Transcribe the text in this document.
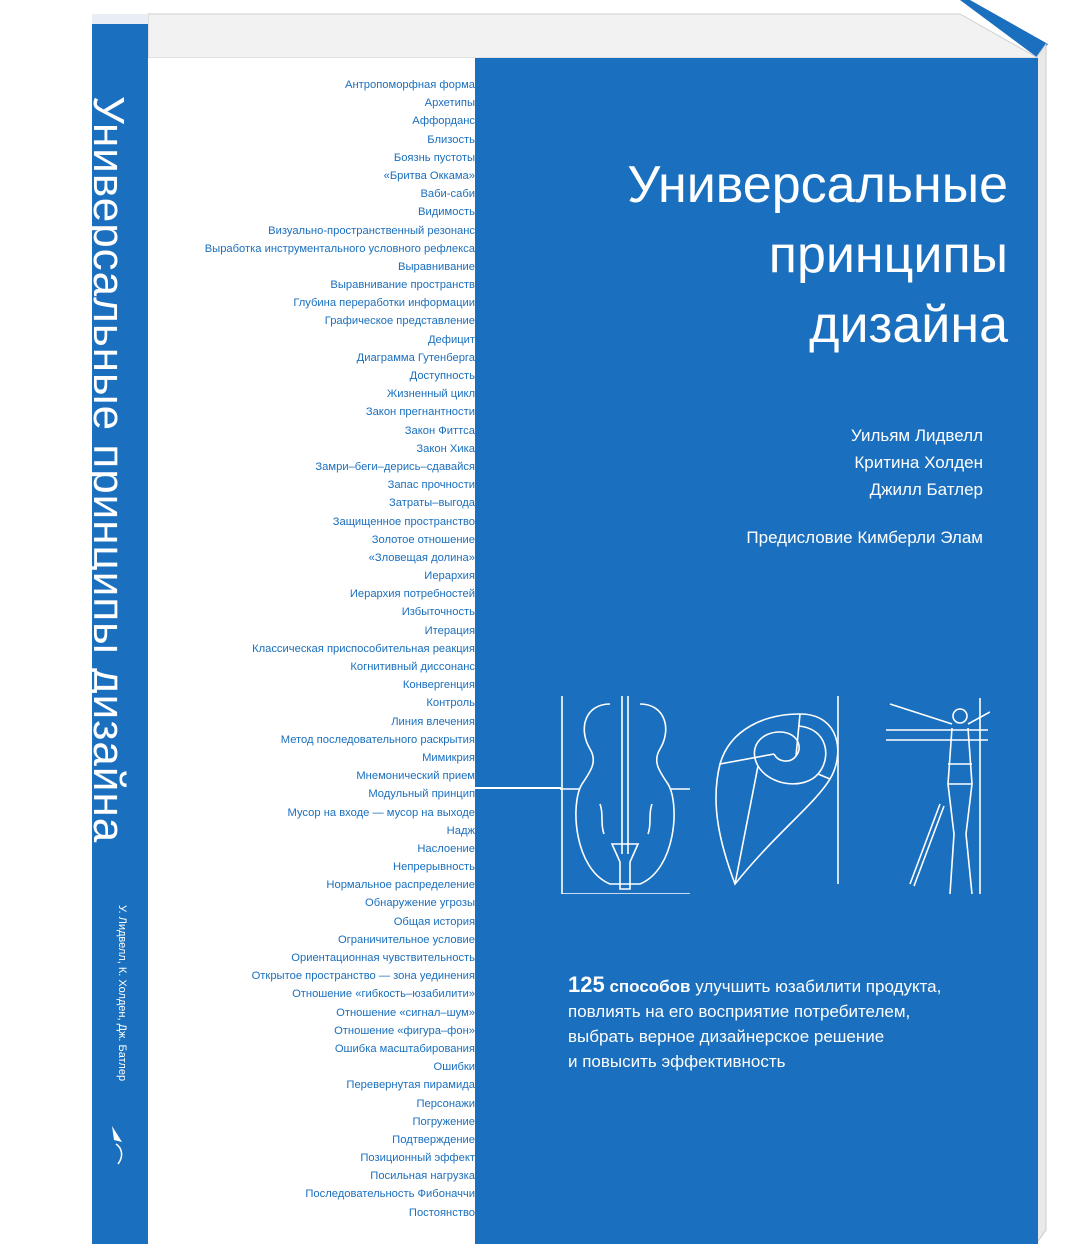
Универсальные принципы дизайна
У. Лидвелл, К. Холден, Дж. Батлер
Антропоморфная форма
Архетипы
Аффорданс
Близость
Боязнь пустоты
«Бритва Оккама»
Ваби-саби
Видимость
Визуально-пространственный резонанс
Выработка инструментального условного рефлекса
Выравнивание
Выравнивание пространств
Глубина переработки информации
Графическое представление
Дефицит
Диаграмма Гутенберга
Доступность
Жизненный цикл
Закон прегнантности
Закон Фиттса
Закон Хика
Замри–беги–дерись–сдавайся
Запас прочности
Затраты–выгода
Защищенное пространство
Золотое отношение
«Зловещая долина»
Иерархия
Иерархия потребностей
Избыточность
Итерация
Классическая приспособительная реакция
Когнитивный диссонанс
Конвергенция
Контроль
Линия влечения
Метод последовательного раскрытия
Мимикрия
Мнемонический прием
Модульный принцип
Мусор на входе — мусор на выходе
Надж
Наслоение
Непрерывность
Нормальное распределение
Обнаружение угрозы
Общая история
Ограничительное условие
Ориентационная чувствительность
Открытое пространство — зона уединения
Отношение «гибкость–юзабилити»
Отношение «сигнал–шум»
Отношение «фигура–фон»
Ошибка масштабирования
Ошибки
Перевернутая пирамида
Персонажи
Погружение
Подтверждение
Позиционный эффект
Посильная нагрузка
Последовательность Фибоначчи
Постоянство
Универсальные
принципы
дизайна
Уильям Лидвелл
Критина Холден
Джилл Батлер
Предисловие Кимберли Элам
125 способов улучшить юзабилити продукта,
повлиять на его восприятие потребителем,
выбрать верное дизайнерское решение
и повысить эффективность
